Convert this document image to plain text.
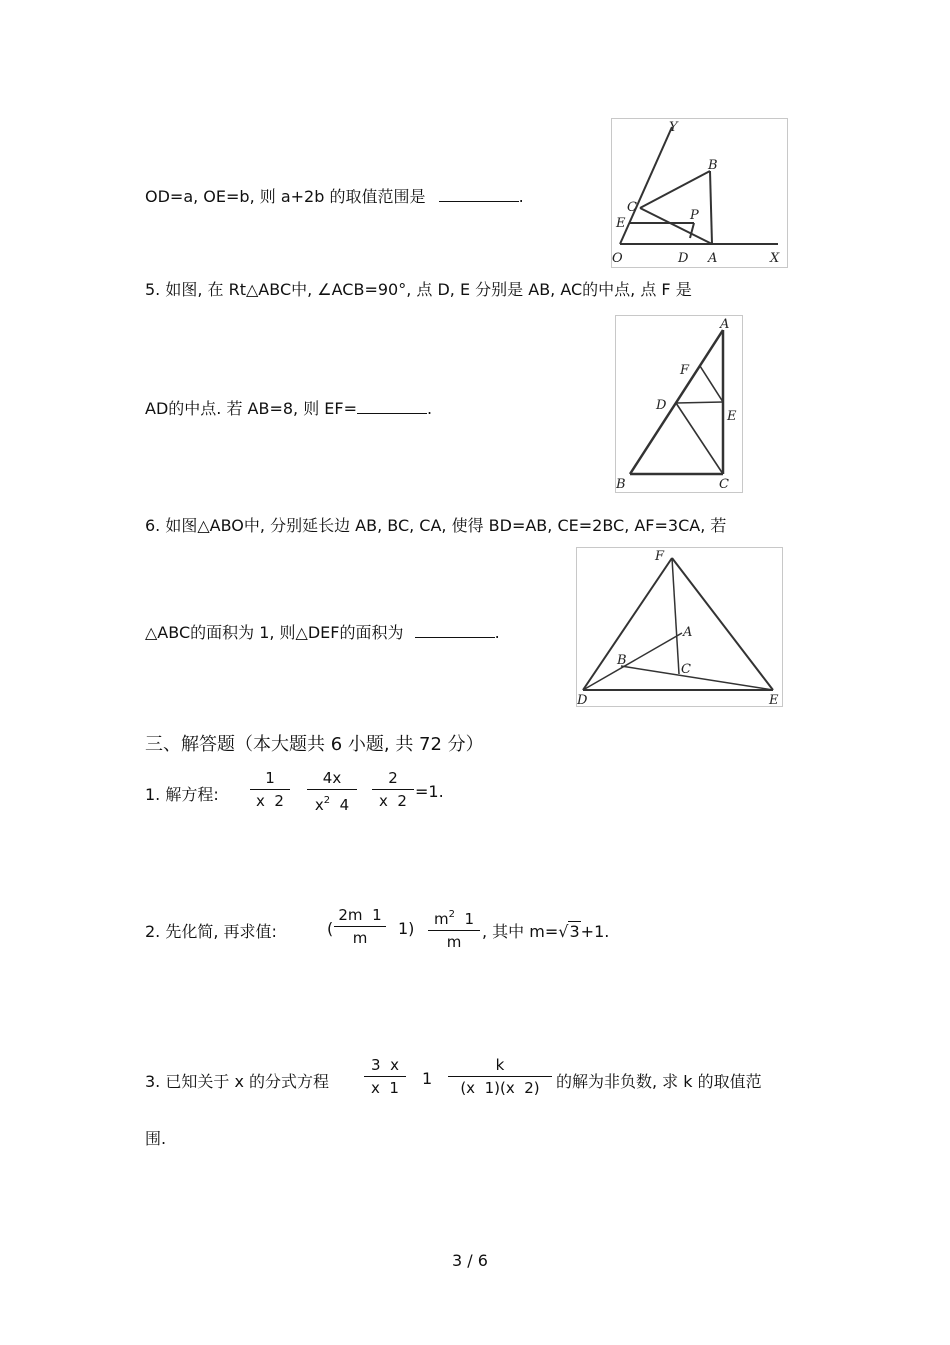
OD=a, OE=b, 则 a+2b 的取值范围是	.
Y
B
C
E
P
O	D A	X
5. 如图, 在 Rt△ABC中, ∠ACB=90°, 点 D, E 分别是 AB, AC的中点, 点 F 是
AD的中点. 若 AB=8, 则 EF=	.
A
F
D
E
B	C
6. 如图△ABO中, 分别延长边 AB, BC, CA, 使得 BD=AB, CE=2BC, AF=3CA, 若
△ABC的面积为 1, 则△DEF的面积为	.
F
A
B
C
D	E
三、解答题（本大题共 6 小题, 共 72 分）
1. 解方程:
1
x  2
4x
$x^2$  4
2
x  2 =1.
2. 先化简, 再求值:	(
2m  1
m	1)	$m^2$  1
m
, 其中 m=√3+1.
3. 已知关于 x 的分式方程
3  x
x  1	1
k
(x  1)(x  2)	的解为非负数, 求 k 的取值范
围.
3 / 6
